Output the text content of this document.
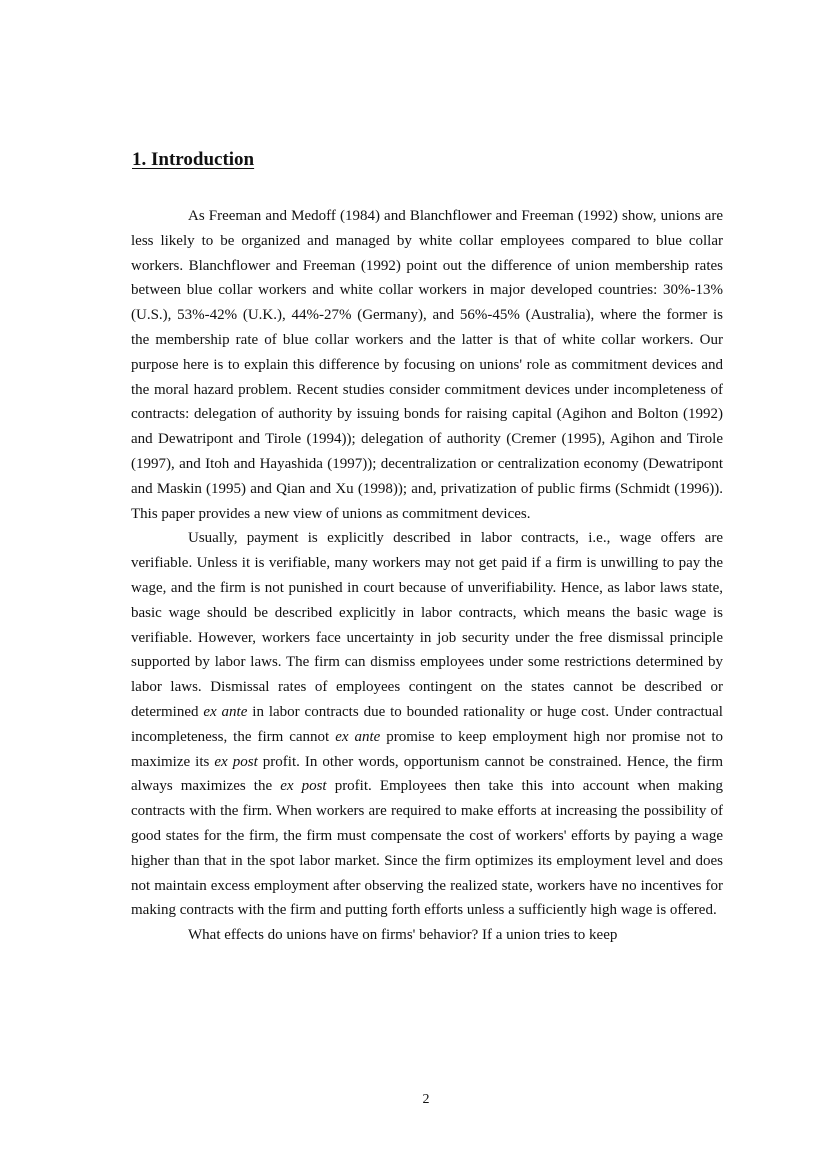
1. Introduction

As Freeman and Medoff (1984) and Blanchflower and Freeman (1992) show, unions are less likely to be organized and managed by white collar employees compared to blue collar workers. Blanchflower and Freeman (1992) point out the difference of union membership rates between blue collar workers and white collar workers in major developed countries: 30%-13% (U.S.), 53%-42% (U.K.), 44%-27% (Germany), and 56%-45% (Australia), where the former is the membership rate of blue collar workers and the latter is that of white collar workers. Our purpose here is to explain this difference by focusing on unions' role as commitment devices and the moral hazard problem. Recent studies consider commitment devices under incompleteness of contracts: delegation of authority by issuing bonds for raising capital (Agihon and Bolton (1992) and Dewatripont and Tirole (1994)); delegation of authority (Cremer (1995), Agihon and Tirole (1997), and Itoh and Hayashida (1997)); decentralization or centralization economy (Dewatripont and Maskin (1995) and Qian and Xu (1998)); and, privatization of public firms (Schmidt (1996)). This paper provides a new view of unions as commitment devices.

Usually, payment is explicitly described in labor contracts, i.e., wage offers are verifiable. Unless it is verifiable, many workers may not get paid if a firm is unwilling to pay the wage, and the firm is not punished in court because of unverifiability. Hence, as labor laws state, basic wage should be described explicitly in labor contracts, which means the basic wage is verifiable. However, workers face uncertainty in job security under the free dismissal principle supported by labor laws. The firm can dismiss employees under some restrictions determined by labor laws. Dismissal rates of employees contingent on the states cannot be described or determined ex ante in labor contracts due to bounded rationality or huge cost. Under contractual incompleteness, the firm cannot ex ante promise to keep employment high nor promise not to maximize its ex post profit. In other words, opportunism cannot be constrained. Hence, the firm always maximizes the ex post profit. Employees then take this into account when making contracts with the firm. When workers are required to make efforts at increasing the possibility of good states for the firm, the firm must compensate the cost of workers' efforts by paying a wage higher than that in the spot labor market. Since the firm optimizes its employment level and does not maintain excess employment after observing the realized state, workers have no incentives for making contracts with the firm and putting forth efforts unless a sufficiently high wage is offered.

What effects do unions have on firms' behavior? If a union tries to keep

2
